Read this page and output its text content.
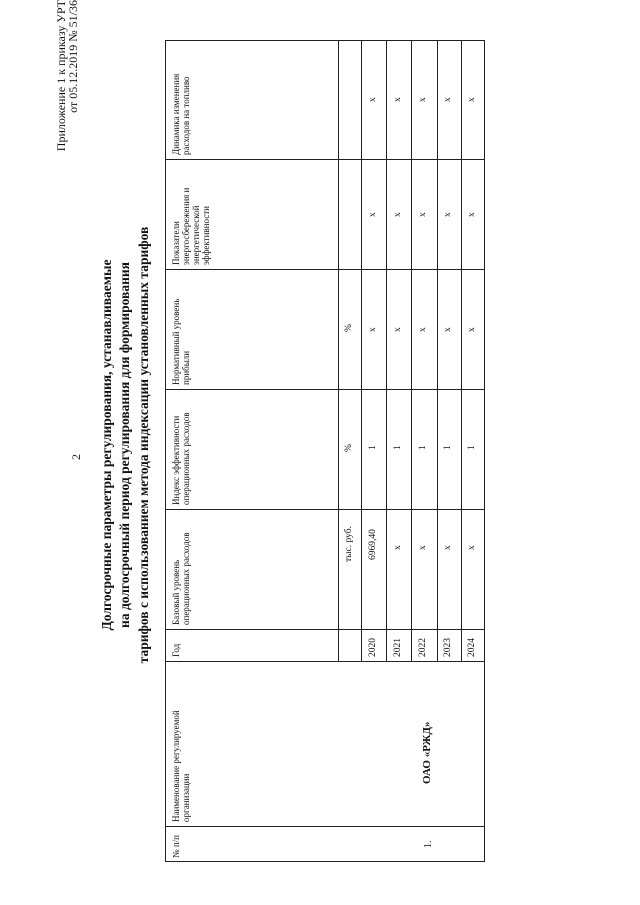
2
Приложение 1 к приказу УРТ
от 05.12.2019 № 51/36
Долгосрочные параметры регулирования, устанавливаемые на долгосрочный период регулирования для формирования тарифов с использованием метода индексации установленных тарифов
№ п/п
Наименование регулируемой организации
Год
Базовый уровень операционных расходов
Индекс эффективности операционных расходов
Нормативный уровень прибыли
Показатели энергосбережения и энергетической эффективности
Динамика изменения расходов на топливо
тыс. руб.
%
%
1.
ОАО «РЖД»
2020
6969,40
1
x
x
x
2021
x
1
x
x
x
2022
x
1
x
x
x
2023
x
1
x
x
x
2024
x
1
x
x
x
